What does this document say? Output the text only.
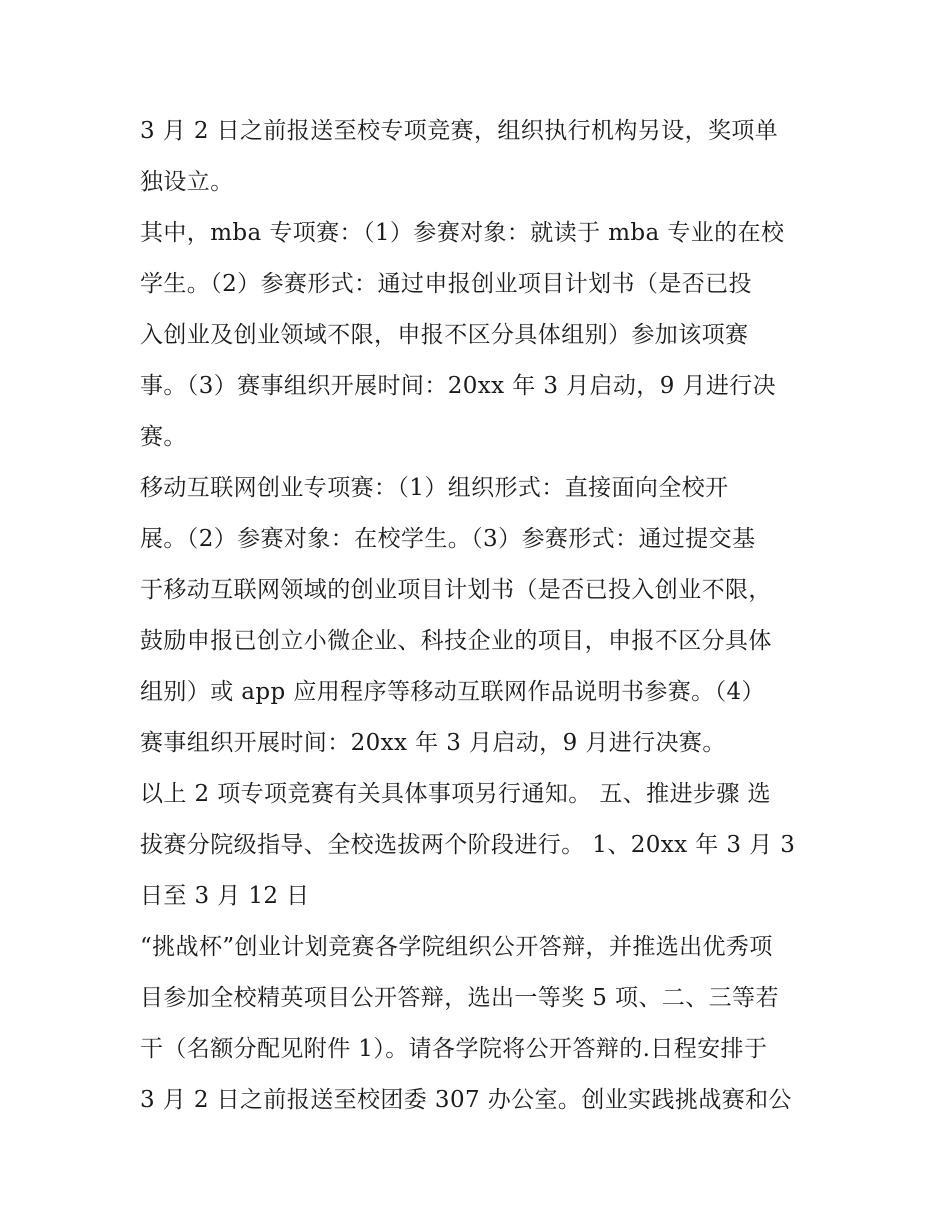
3 月 2 日之前报送至校专项竞赛，组织执行机构另设，奖项单
独设立。
其中，mba 专项赛：（1）参赛对象：就读于 mba 专业的在校
学生。（2）参赛形式：通过申报创业项目计划书（是否已投
入创业及创业领域不限，申报不区分具体组别）参加该项赛
事。（3）赛事组织开展时间：20xx 年 3 月启动，9 月进行决
赛。
移动互联网创业专项赛：（1）组织形式：直接面向全校开
展。（2）参赛对象：在校学生。（3）参赛形式：通过提交基
于移动互联网领域的创业项目计划书（是否已投入创业不限，
鼓励申报已创立小微企业、科技企业的项目，申报不区分具体
组别）或 app 应用程序等移动互联网作品说明书参赛。（4）
赛事组织开展时间：20xx 年 3 月启动，9 月进行决赛。
以上 2 项专项竞赛有关具体事项另行通知。 五、推进步骤 选
拔赛分院级指导、全校选拔两个阶段进行。 1、20xx 年 3 月 3
日至 3 月 12 日
“挑战杯”创业计划竞赛各学院组织公开答辩，并推选出优秀项
目参加全校精英项目公开答辩，选出一等奖 5 项、二、三等若
干（名额分配见附件 1）。请各学院将公开答辩的.日程安排于
3 月 2 日之前报送至校团委 307 办公室。创业实践挑战赛和公
